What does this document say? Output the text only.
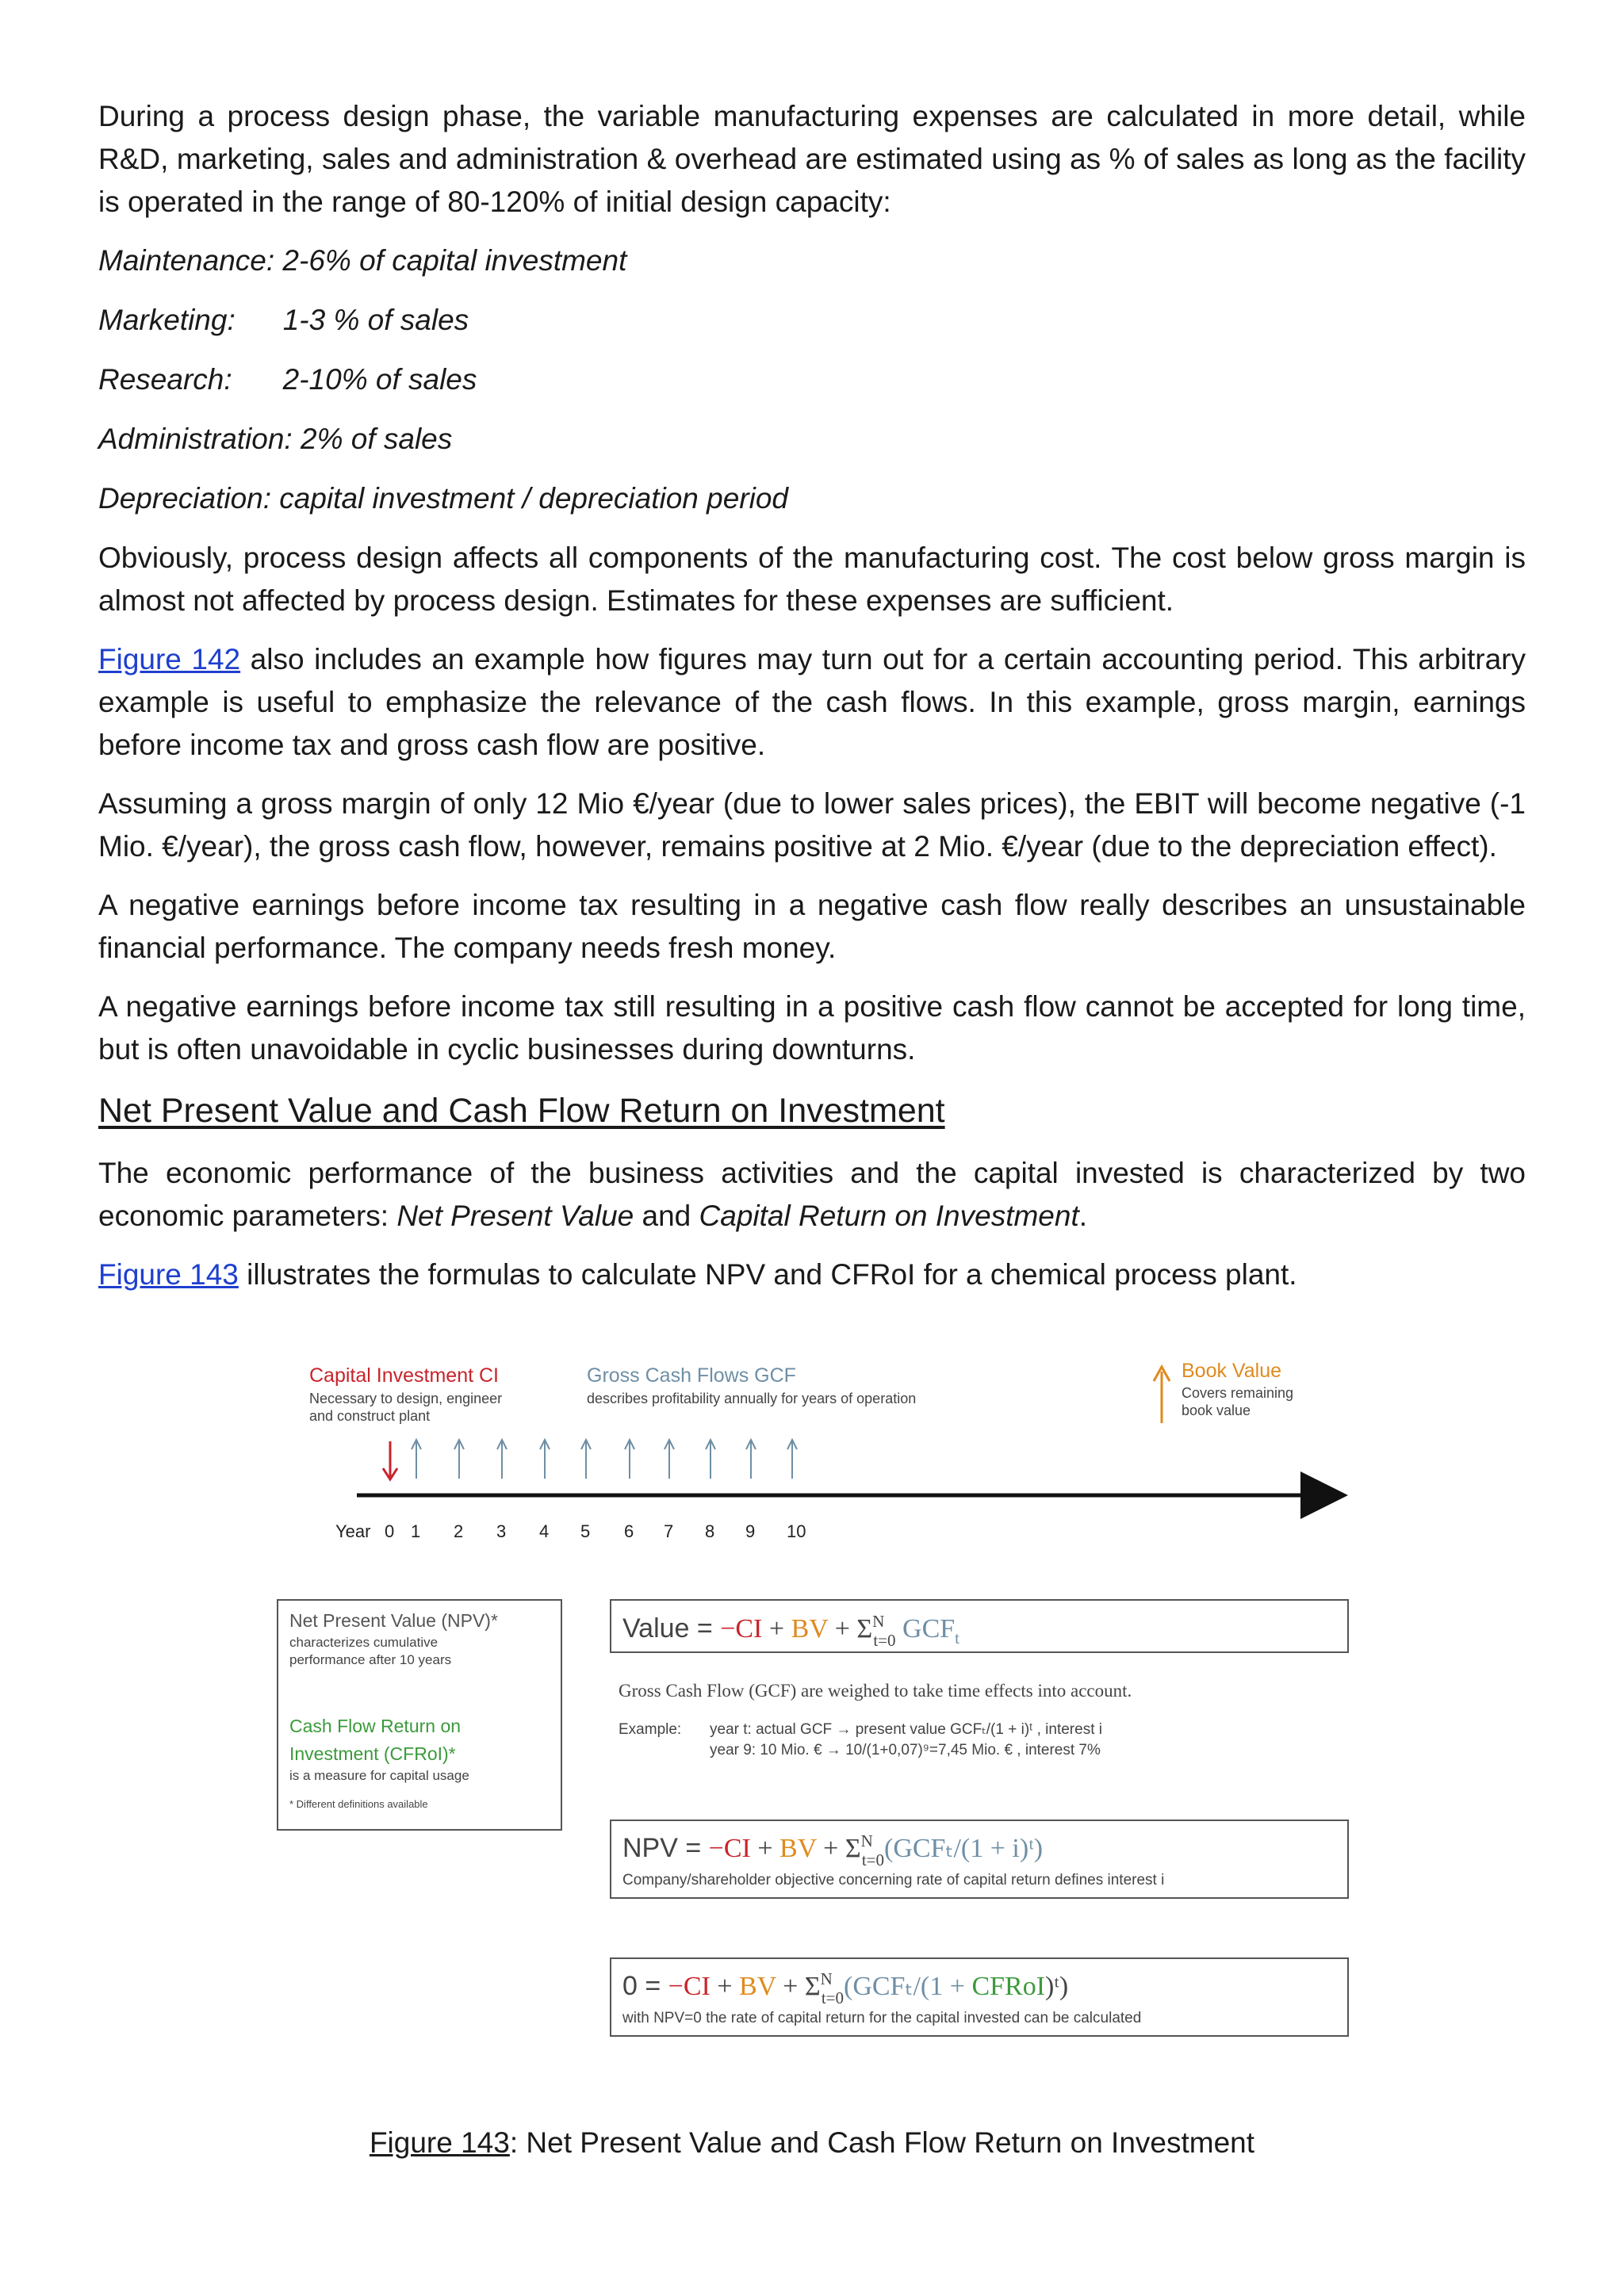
During a process design phase, the variable manufacturing expenses are calculated in more detail, while R&D, marketing, sales and administration & overhead are estimated using as % of sales as long as the facility is operated in the range of 80-120% of initial design capacity:

Maintenance: 2-6% of capital investment

Marketing: 1-3 % of sales

Research: 2-10% of sales

Administration: 2% of sales

Depreciation: capital investment / depreciation period

Obviously, process design affects all components of the manufacturing cost. The cost below gross margin is almost not affected by process design. Estimates for these expenses are sufficient.

Figure 142 also includes an example how figures may turn out for a certain accounting period. This arbitrary example is useful to emphasize the relevance of the cash flows. In this example, gross margin, earnings before income tax and gross cash flow are positive.

Assuming a gross margin of only 12 Mio €/year (due to lower sales prices), the EBIT will become negative (-1 Mio. €/year), the gross cash flow, however, remains positive at 2 Mio. €/year (due to the depreciation effect).

A negative earnings before income tax resulting in a negative cash flow really describes an unsustainable financial performance. The company needs fresh money.

A negative earnings before income tax still resulting in a positive cash flow cannot be accepted for long time, but is often unavoidable in cyclic businesses during downturns.

Net Present Value and Cash Flow Return on Investment

The economic performance of the business activities and the capital invested is characterized by two economic parameters: Net Present Value and Capital Return on Investment.

Figure 143 illustrates the formulas to calculate NPV and CFRoI for a chemical process plant.

Capital Investment CI
Necessary to design, engineer
and construct plant
Gross Cash Flows GCF
describes profitability annually for years of operation
Book Value
Covers remaining
book value
0 1 2 3 4 5 6 7 8 9 10
Year
Net Present Value (NPV)*
characterizes cumulative
performance after 10 years
Cash Flow Return on
Investment (CFRoI)*
is a measure for capital usage
* Different definitions available
Value = −CI + BV + $\Sigma^N$ t=0 $GCF_t$
Gross Cash Flow (GCF) are weighed to take time effects into account.
Example: year t: actual GCF → present value GCFₜ/(1 + i)ᵗ , interest i
year 9: 10 Mio. € → 10/(1+0,07)⁹=7,45 Mio. € , interest 7%
NPV = −CI + BV + $\Sigma^N$ t=0(GCFₜ/(1 + i)ᵗ)
Company/shareholder objective concerning rate of capital return defines interest i
0 = −CI + BV + $\Sigma^N$ t=0(GCFₜ/(1 + CFRoI)ᵗ)
with NPV=0 the rate of capital return for the capital invested can be calculated
Figure 143: Net Present Value and Cash Flow Return on Investment
